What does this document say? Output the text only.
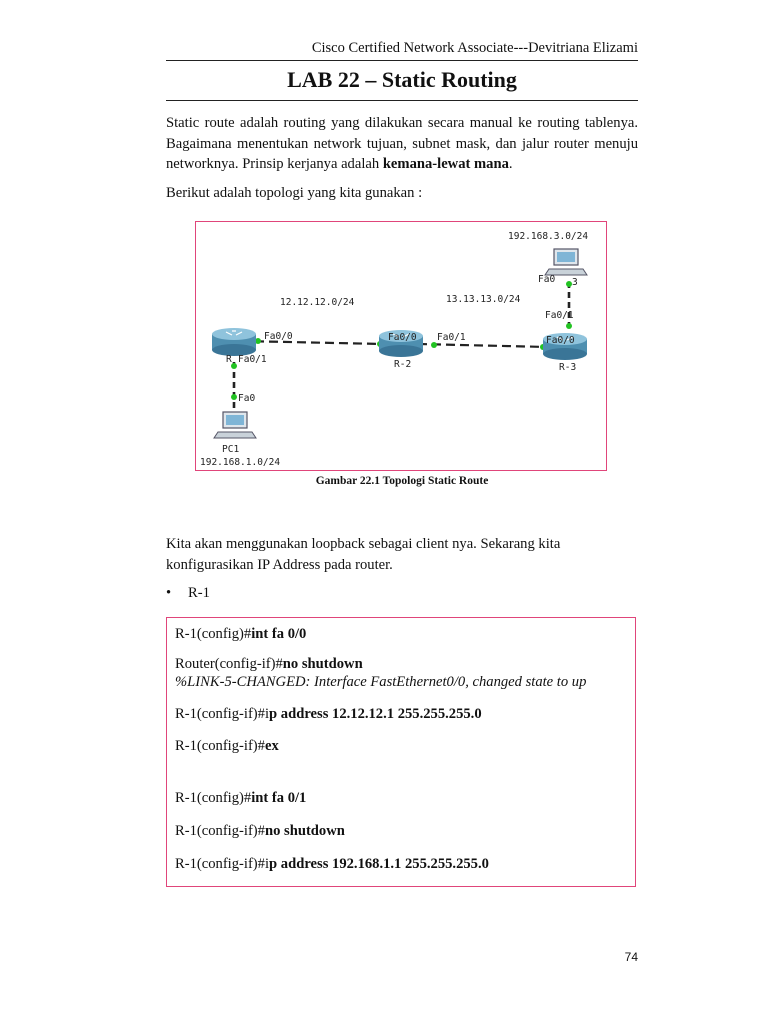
Cisco Certified Network Associate---Devitriana Elizami
LAB 22 – Static Routing
Static route adalah routing yang dilakukan secara manual ke routing tablenya. Bagaimana menentukan network tujuan, subnet mask, dan jalur router menuju networknya. Prinsip kerjanya adalah kemana-lewat mana.
Berikut adalah topologi yang kita gunakan :
192.168.3.0/24
Fa0 3
12.12.12.0/24	13.13.13.0/24
Fa0/1
Fa0/0	Fa0/0 Fa0/1	Fa0/0
R Fa0/1	R-2	R-3
Fa0
PC1
192.168.1.0/24
Gambar 22.1 Topologi Static Route
Kita akan menggunakan loopback sebagai client nya. Sekarang kita konfigurasikan IP Address pada router.
• R-1
R-1(config)#int fa 0/0
Router(config-if)#no shutdown
%LINK-5-CHANGED: Interface FastEthernet0/0, changed state to up
R-1(config-if)#ip address 12.12.12.1 255.255.255.0
R-1(config-if)#ex
R-1(config)#int fa 0/1
R-1(config-if)#no shutdown
R-1(config-if)#ip address 192.168.1.1 255.255.255.0
74
